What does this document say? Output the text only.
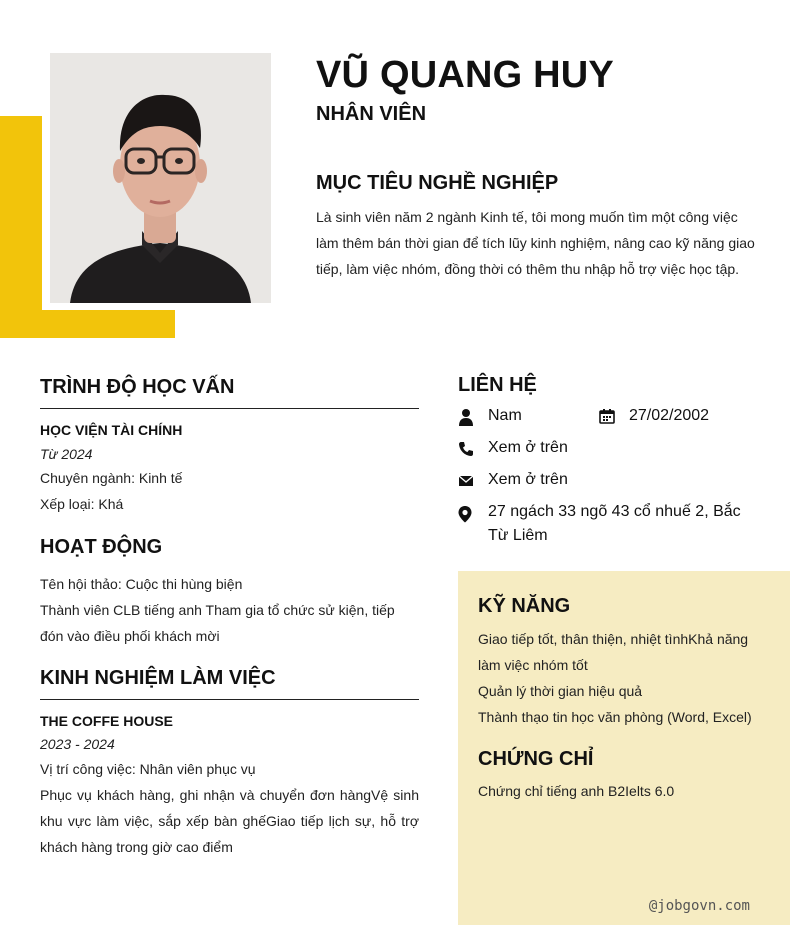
VŨ QUANG HUY
NHÂN VIÊN
MỤC TIÊU NGHỀ NGHIỆP
Là sinh viên năm 2 ngành Kinh tế, tôi mong muốn tìm một công việc làm thêm bán thời gian để tích lũy kinh nghiệm, nâng cao kỹ năng giao tiếp, làm việc nhóm, đồng thời có thêm thu nhập hỗ trợ việc học tập.
TRÌNH ĐỘ HỌC VẤN
HỌC VIỆN TÀI CHÍNH
Từ 2024
Chuyên ngành: Kinh tế
Xếp loại: Khá
HOẠT ĐỘNG
Tên hội thảo: Cuộc thi hùng biện
Thành viên CLB tiếng anh Tham gia tổ chức sử kiện, tiếp đón vào điều phối khách mời
KINH NGHIỆM LÀM VIỆC
THE COFFE HOUSE
2023 - 2024
Vị trí công việc: Nhân viên phục vụ
Phục vụ khách hàng, ghi nhận và chuyển đơn hàngVệ sinh khu vực làm việc, sắp xếp bàn ghếGiao tiếp lịch sự, hỗ trợ khách hàng trong giờ cao điểm
LIÊN HỆ
Nam	27/02/2002
Xem ở trên
Xem ở trên
27 ngách 33 ngõ 43 cổ nhuế 2, Bắc Từ Liêm
KỸ NĂNG
Giao tiếp tốt, thân thiện, nhiệt tìnhKhả năng làm việc nhóm tốt
Quản lý thời gian hiệu quả
Thành thạo tin học văn phòng (Word, Excel)
CHỨNG CHỈ
Chứng chỉ tiếng anh B2Ielts 6.0
@jobgovn.com
